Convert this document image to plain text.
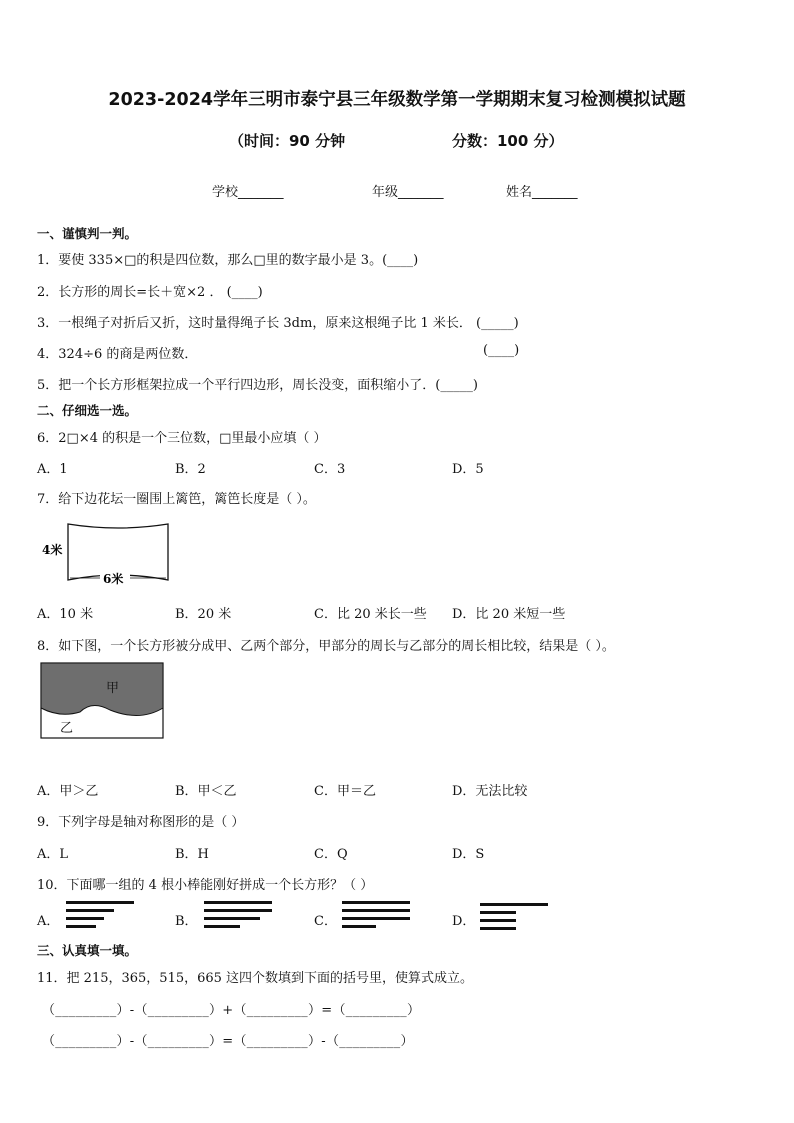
2023-2024学年三明市泰宁县三年级数学第一学期期末复习检测模拟试题
（时间：90 分钟	分数：100 分）
学校_______	年级_______	姓名_______
一、谨慎判一判。
1．要使 335×□的积是四位数，那么□里的数字最小是 3。(____)
2．长方形的周长=长＋宽×2 ． (____)
3．一根绳子对折后又折，这时量得绳子长 3dm，原来这根绳子比 1 米长． (_____)
4．324÷6 的商是两位数．	(____)
5．把一个长方形框架拉成一个平行四边形，周长没变，面积缩小了．(_____)
二、仔细选一选。
6．2□×4 的积是一个三位数，□里最小应填（ ）
A．1	B．2	C．3	D．5
7．给下边花坛一圈围上篱笆，篱笆长度是（ ）。
4米
6米
A．10 米	B．20 米	C．比 20 米长一些 D．比 20 米短一些
8．如下图，一个长方形被分成甲、乙两个部分，甲部分的周长与乙部分的周长相比较，结果是（ ）。
甲
乙
A．甲＞乙	B．甲＜乙	C．甲＝乙	D．无法比较
9．下列字母是轴对称图形的是（ ）
A．L	B．H	C．Q	D．S
10．下面哪一组的 4 根小棒能刚好拼成一个长方形？（ ）
A．	B．	C．	D．
三、认真填一填。
11．把 215，365，515，665 这四个数填到下面的括号里，使算式成立。
（_________）-（_________）+（_________）=（_________）
（_________）-（_________）=（_________）-（_________）
